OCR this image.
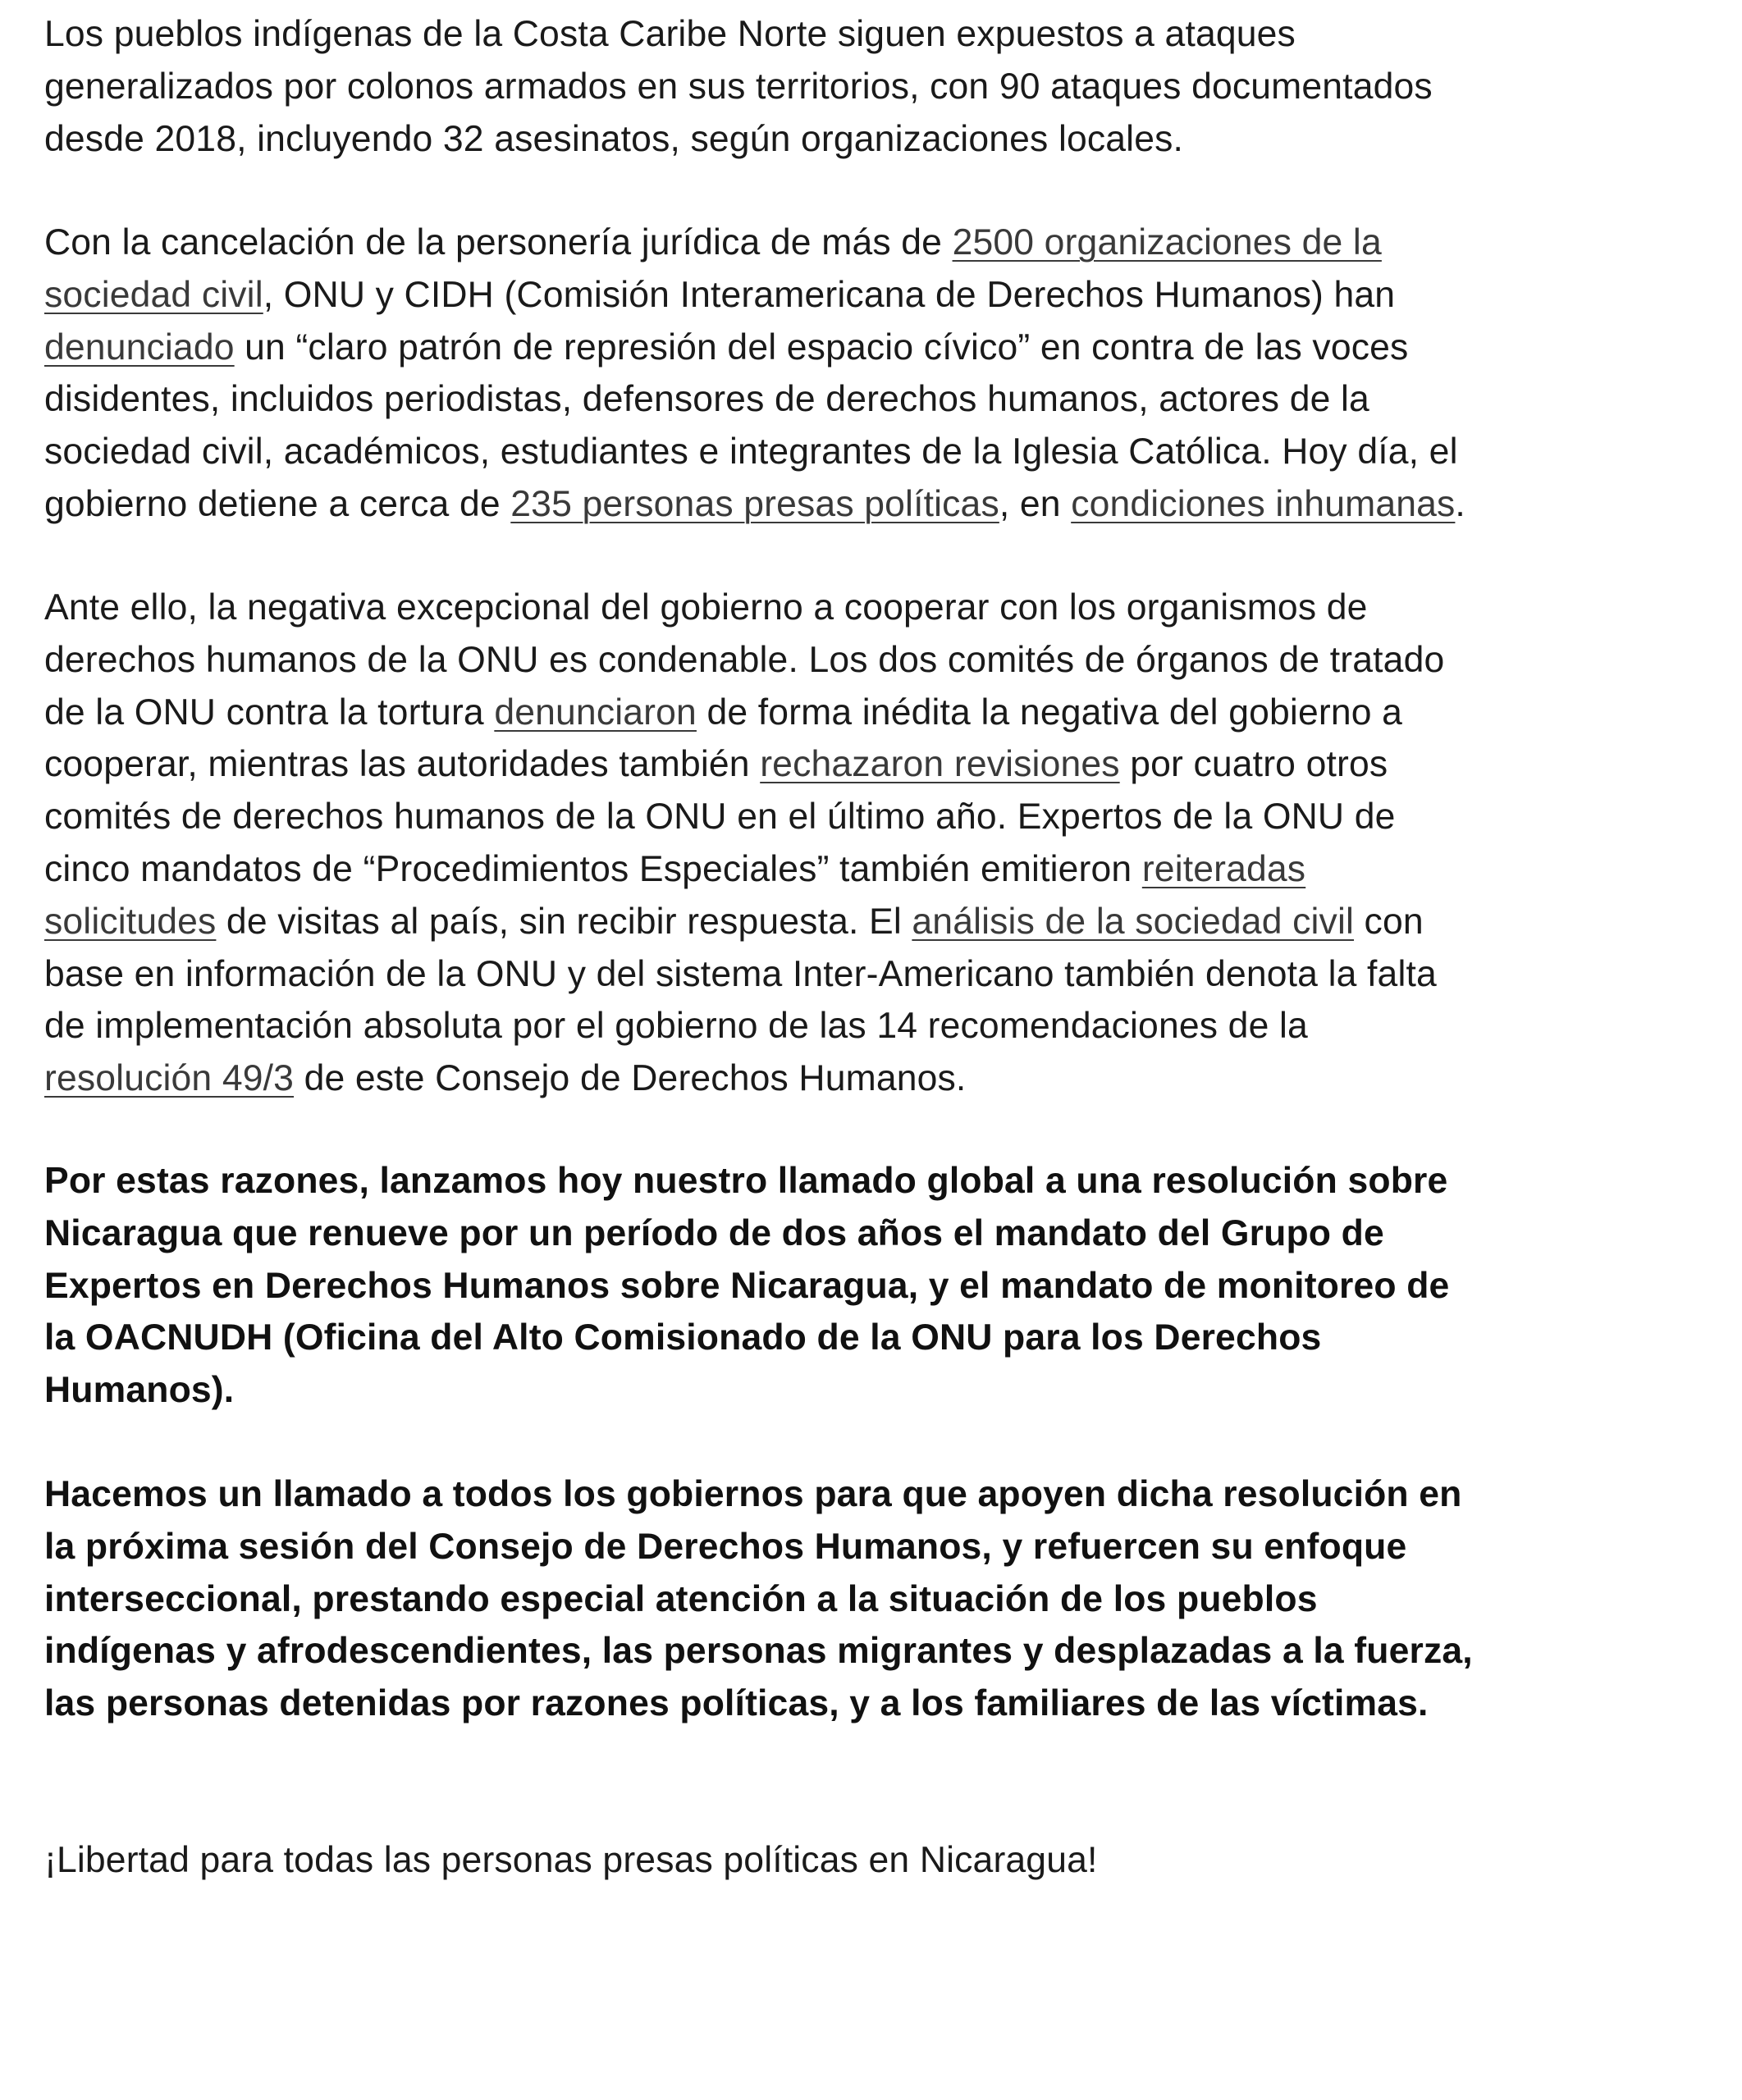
Los pueblos indígenas de la Costa Caribe Norte siguen expuestos a ataques
generalizados por colonos armados en sus territorios, con 90 ataques documentados
desde 2018, incluyendo 32 asesinatos, según organizaciones locales.

Con la cancelación de la personería jurídica de más de 2500 organizaciones de la
sociedad civil, ONU y CIDH (Comisión Interamericana de Derechos Humanos) han
denunciado un “claro patrón de represión del espacio cívico” en contra de las voces
disidentes, incluidos periodistas, defensores de derechos humanos, actores de la
sociedad civil, académicos, estudiantes e integrantes de la Iglesia Católica. Hoy día, el
gobierno detiene a cerca de 235 personas presas políticas, en condiciones inhumanas.

Ante ello, la negativa excepcional del gobierno a cooperar con los organismos de
derechos humanos de la ONU es condenable. Los dos comités de órganos de tratado
de la ONU contra la tortura denunciaron de forma inédita la negativa del gobierno a
cooperar, mientras las autoridades también rechazaron revisiones por cuatro otros
comités de derechos humanos de la ONU en el último año. Expertos de la ONU de
cinco mandatos de “Procedimientos Especiales” también emitieron reiteradas
solicitudes de visitas al país, sin recibir respuesta. El análisis de la sociedad civil con
base en información de la ONU y del sistema Inter-Americano también denota la falta
de implementación absoluta por el gobierno de las 14 recomendaciones de la
resolución 49/3 de este Consejo de Derechos Humanos.

Por estas razones, lanzamos hoy nuestro llamado global a una resolución sobre
Nicaragua que renueve por un período de dos años el mandato del Grupo de
Expertos en Derechos Humanos sobre Nicaragua, y el mandato de monitoreo de
la OACNUDH (Oficina del Alto Comisionado de la ONU para los Derechos
Humanos).

Hacemos un llamado a todos los gobiernos para que apoyen dicha resolución en
la próxima sesión del Consejo de Derechos Humanos, y refuercen su enfoque
interseccional, prestando especial atención a la situación de los pueblos
indígenas y afrodescendientes, las personas migrantes y desplazadas a la fuerza,
las personas detenidas por razones políticas, y a los familiares de las víctimas.

¡Libertad para todas las personas presas políticas en Nicaragua!
